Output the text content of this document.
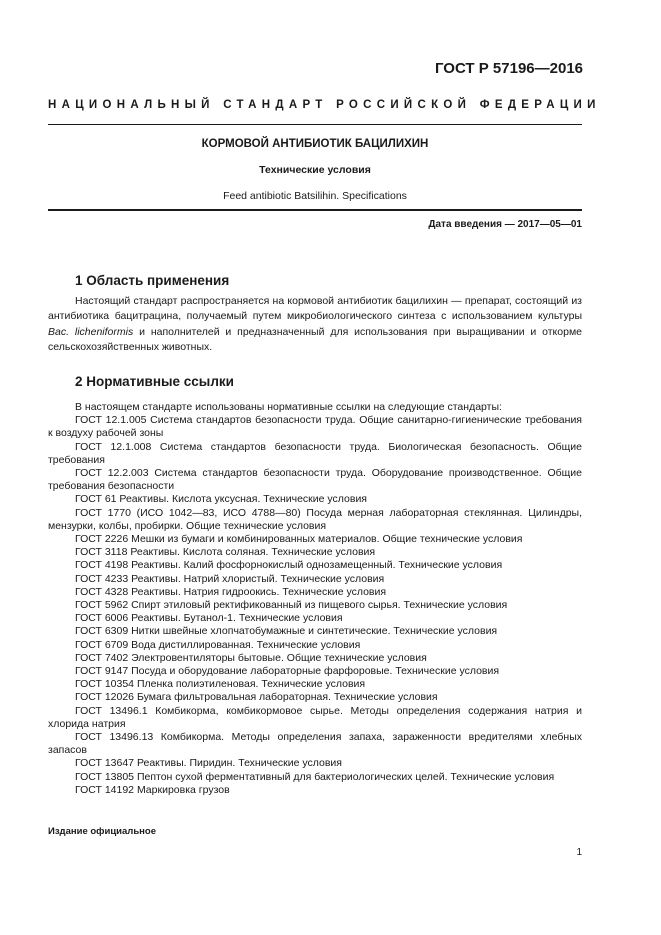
ГОСТ Р 57196—2016
НАЦИОНАЛЬНЫЙ СТАНДАРТ РОССИЙСКОЙ ФЕДЕРАЦИИ
КОРМОВОЙ АНТИБИОТИК БАЦИЛИХИН
Технические условия
Feed antibiotic Batsilihin. Specifications
Дата введения — 2017—05—01
1 Область применения
Настоящий стандарт распространяется на кормовой антибиотик бацилихин — препарат, состоящий из антибиотика бацитрацина, получаемый путем микробиологического синтеза с использованием культуры Bac. licheniformis и наполнителей и предназначенный для использования при выращивании и откорме сельскохозяйственных животных.
2 Нормативные ссылки

В настоящем стандарте использованы нормативные ссылки на следующие стандарты:

ГОСТ 12.1.005 Система стандартов безопасности труда. Общие санитарно-гигиенические требования к воздуху рабочей зоны

ГОСТ 12.1.008 Система стандартов безопасности труда. Биологическая безопасность. Общие требования

ГОСТ 12.2.003 Система стандартов безопасности труда. Оборудование производственное. Общие требования безопасности

ГОСТ 61 Реактивы. Кислота уксусная. Технические условия

ГОСТ 1770 (ИСО 1042—83, ИСО 4788—80) Посуда мерная лабораторная стеклянная. Цилиндры, мензурки, колбы, пробирки. Общие технические условия

ГОСТ 2226 Мешки из бумаги и комбинированных материалов. Общие технические условия

ГОСТ 3118 Реактивы. Кислота соляная. Технические условия

ГОСТ 4198 Реактивы. Калий фосфорнокислый однозамещенный. Технические условия

ГОСТ 4233 Реактивы. Натрий хлористый. Технические условия

ГОСТ 4328 Реактивы. Натрия гидроокись. Технические условия

ГОСТ 5962 Спирт этиловый ректификованный из пищевого сырья. Технические условия

ГОСТ 6006 Реактивы. Бутанол-1. Технические условия

ГОСТ 6309 Нитки швейные хлопчатобумажные и синтетические. Технические условия

ГОСТ 6709 Вода дистиллированная. Технические условия

ГОСТ 7402 Электровентиляторы бытовые. Общие технические условия

ГОСТ 9147 Посуда и оборудование лабораторные фарфоровые. Технические условия

ГОСТ 10354 Пленка полиэтиленовая. Технические условия

ГОСТ 12026 Бумага фильтровальная лабораторная. Технические условия

ГОСТ 13496.1 Комбикорма, комбикормовое сырье. Методы определения содержания натрия и хлорида натрия

ГОСТ 13496.13 Комбикорма. Методы определения запаха, зараженности вредителями хлебных запасов

ГОСТ 13647 Реактивы. Пиридин. Технические условия

ГОСТ 13805 Пептон сухой ферментативный для бактериологических целей. Технические условия

ГОСТ 14192 Маркировка грузов

Издание официальное
1
